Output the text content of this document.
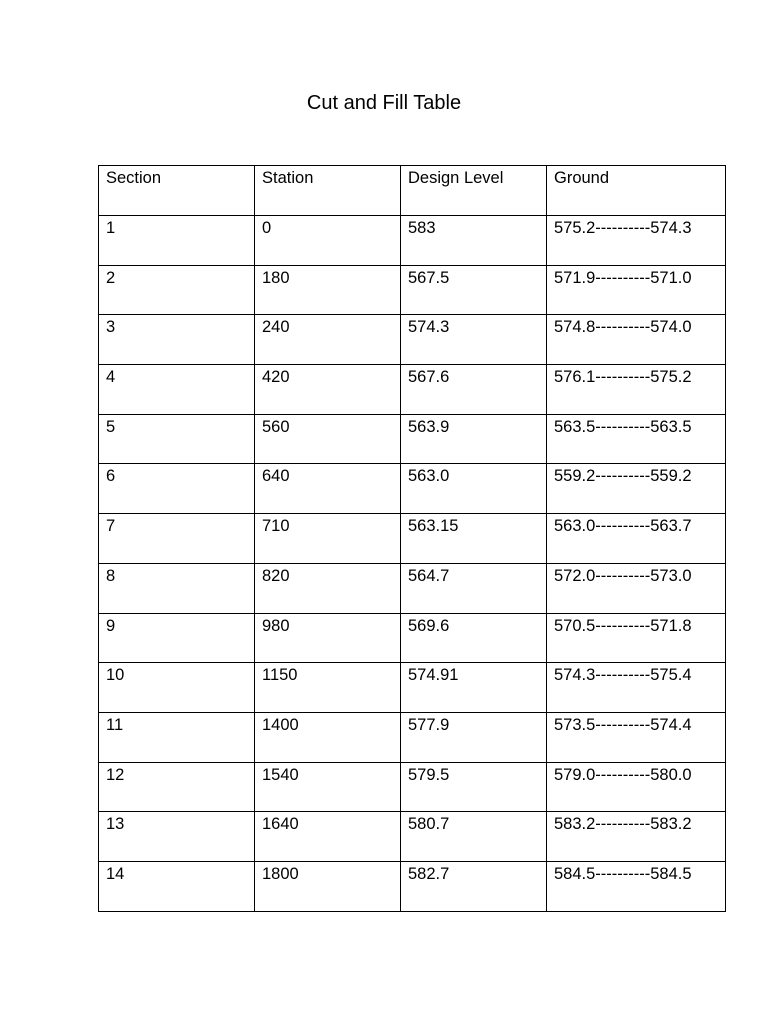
Cut and Fill Table
Section	Station	Design Level	Ground
1	0	583	575.2----------574.3
2	180	567.5	571.9----------571.0
3	240	574.3	574.8----------574.0
4	420	567.6	576.1----------575.2
5	560	563.9	563.5----------563.5
6	640	563.0	559.2----------559.2
7	710	563.15	563.0----------563.7
8	820	564.7	572.0----------573.0
9	980	569.6	570.5----------571.8
10	1150	574.91	574.3----------575.4
11	1400	577.9	573.5----------574.4
12	1540	579.5	579.0----------580.0
13	1640	580.7	583.2----------583.2
14	1800	582.7	584.5----------584.5
